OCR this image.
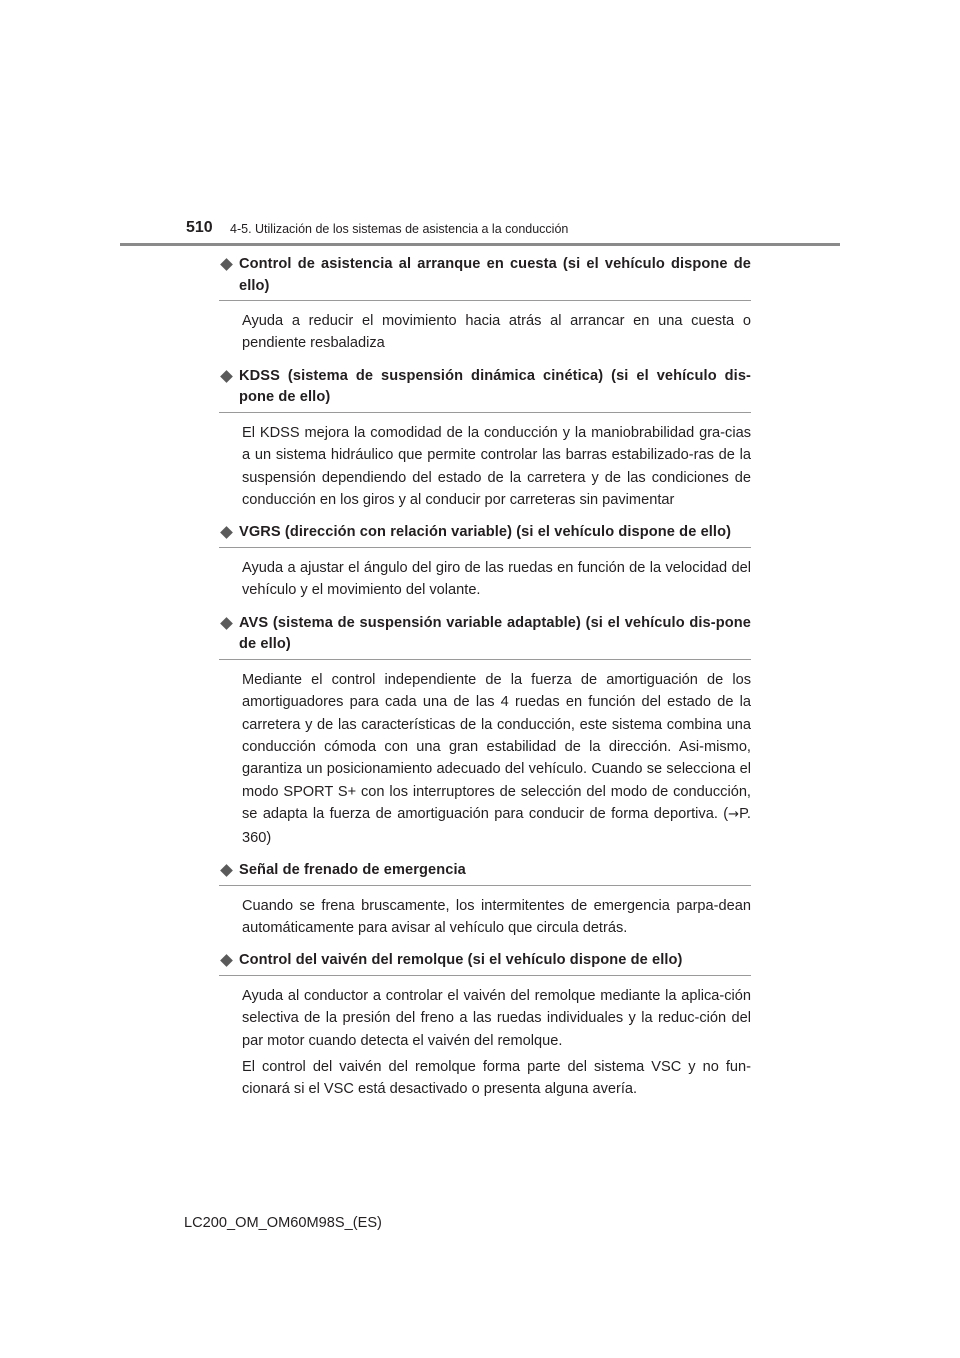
510 4-5. Utilización de los sistemas de asistencia a la conducción
Control de asistencia al arranque en cuesta (si el vehículo dispone de ello)

Ayuda a reducir el movimiento hacia atrás al arrancar en una cuesta o pendiente resbaladiza

KDSS (sistema de suspensión dinámica cinética) (si el vehículo dis-pone de ello)

El KDSS mejora la comodidad de la conducción y la maniobrabilidad gra-cias a un sistema hidráulico que permite controlar las barras estabilizado-ras de la suspensión dependiendo del estado de la carretera y de las condiciones de conducción en los giros y al conducir por carreteras sin pavimentar

VGRS (dirección con relación variable) (si el vehículo dispone de ello)

Ayuda a ajustar el ángulo del giro de las ruedas en función de la velocidad del vehículo y el movimiento del volante.

AVS (sistema de suspensión variable adaptable) (si el vehículo dis-pone de ello)

Mediante el control independiente de la fuerza de amortiguación de los amortiguadores para cada una de las 4 ruedas en función del estado de la carretera y de las características de la conducción, este sistema combina una conducción cómoda con una gran estabilidad de la dirección. Asi-mismo, garantiza un posicionamiento adecuado del vehículo. Cuando se selecciona el modo SPORT S+ con los interruptores de selección del modo de conducción, se adapta la fuerza de amortiguación para conducir de forma deportiva. (→P. 360)

Señal de frenado de emergencia

Cuando se frena bruscamente, los intermitentes de emergencia parpa-dean automáticamente para avisar al vehículo que circula detrás.

Control del vaivén del remolque (si el vehículo dispone de ello)

Ayuda al conductor a controlar el vaivén del remolque mediante la aplica-ción selectiva de la presión del freno a las ruedas individuales y la reduc-ción del par motor cuando detecta el vaivén del remolque.

El control del vaivén del remolque forma parte del sistema VSC y no fun-cionará si el VSC está desactivado o presenta alguna avería.

LC200_OM_OM60M98S_(ES)
